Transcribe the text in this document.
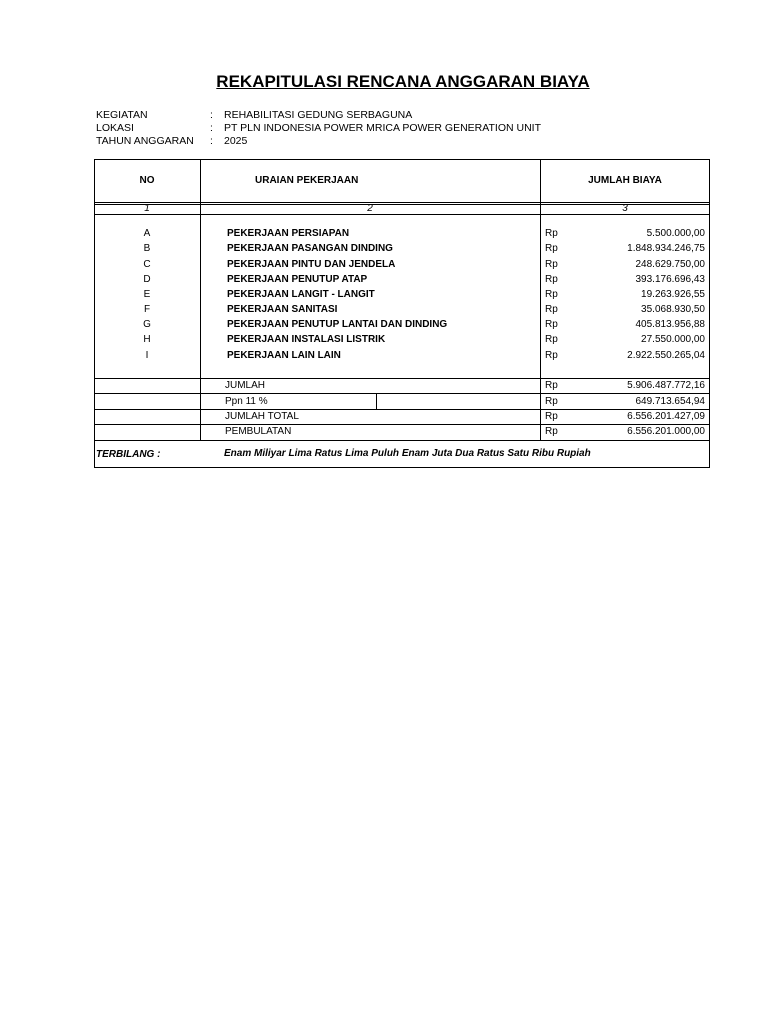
REKAPITULASI RENCANA ANGGARAN BIAYA
KEGIATAN	: REHABILITASI GEDUNG SERBAGUNA
LOKASI	: PT PLN INDONESIA POWER MRICA POWER GENERATION UNIT
TAHUN ANGGARAN : 2025
NO	URAIAN PEKERJAAN	JUMLAH BIAYA
1	2	3
A	PEKERJAAN PERSIAPAN	Rp	5.500.000,00
B	PEKERJAAN PASANGAN DINDING	Rp	1.848.934.246,75
C	PEKERJAAN PINTU DAN JENDELA	Rp	248.629.750,00
D	PEKERJAAN PENUTUP ATAP	Rp	393.176.696,43
E	PEKERJAAN LANGIT - LANGIT	Rp	19.263.926,55
F	PEKERJAAN SANITASI	Rp	35.068.930,50
G	PEKERJAAN PENUTUP LANTAI DAN DINDING	Rp	405.813.956,88
H	PEKERJAAN INSTALASI LISTRIK	Rp	27.550.000,00
I	PEKERJAAN LAIN LAIN	Rp	2.922.550.265,04
JUMLAH	Rp	5.906.487.772,16
Ppn 11 %	Rp	649.713.654,94
JUMLAH TOTAL	Rp	6.556.201.427,09
PEMBULATAN	Rp	6.556.201.000,00
TERBILANG :	Enam Miliyar Lima Ratus Lima Puluh Enam Juta Dua Ratus Satu Ribu Rupiah
